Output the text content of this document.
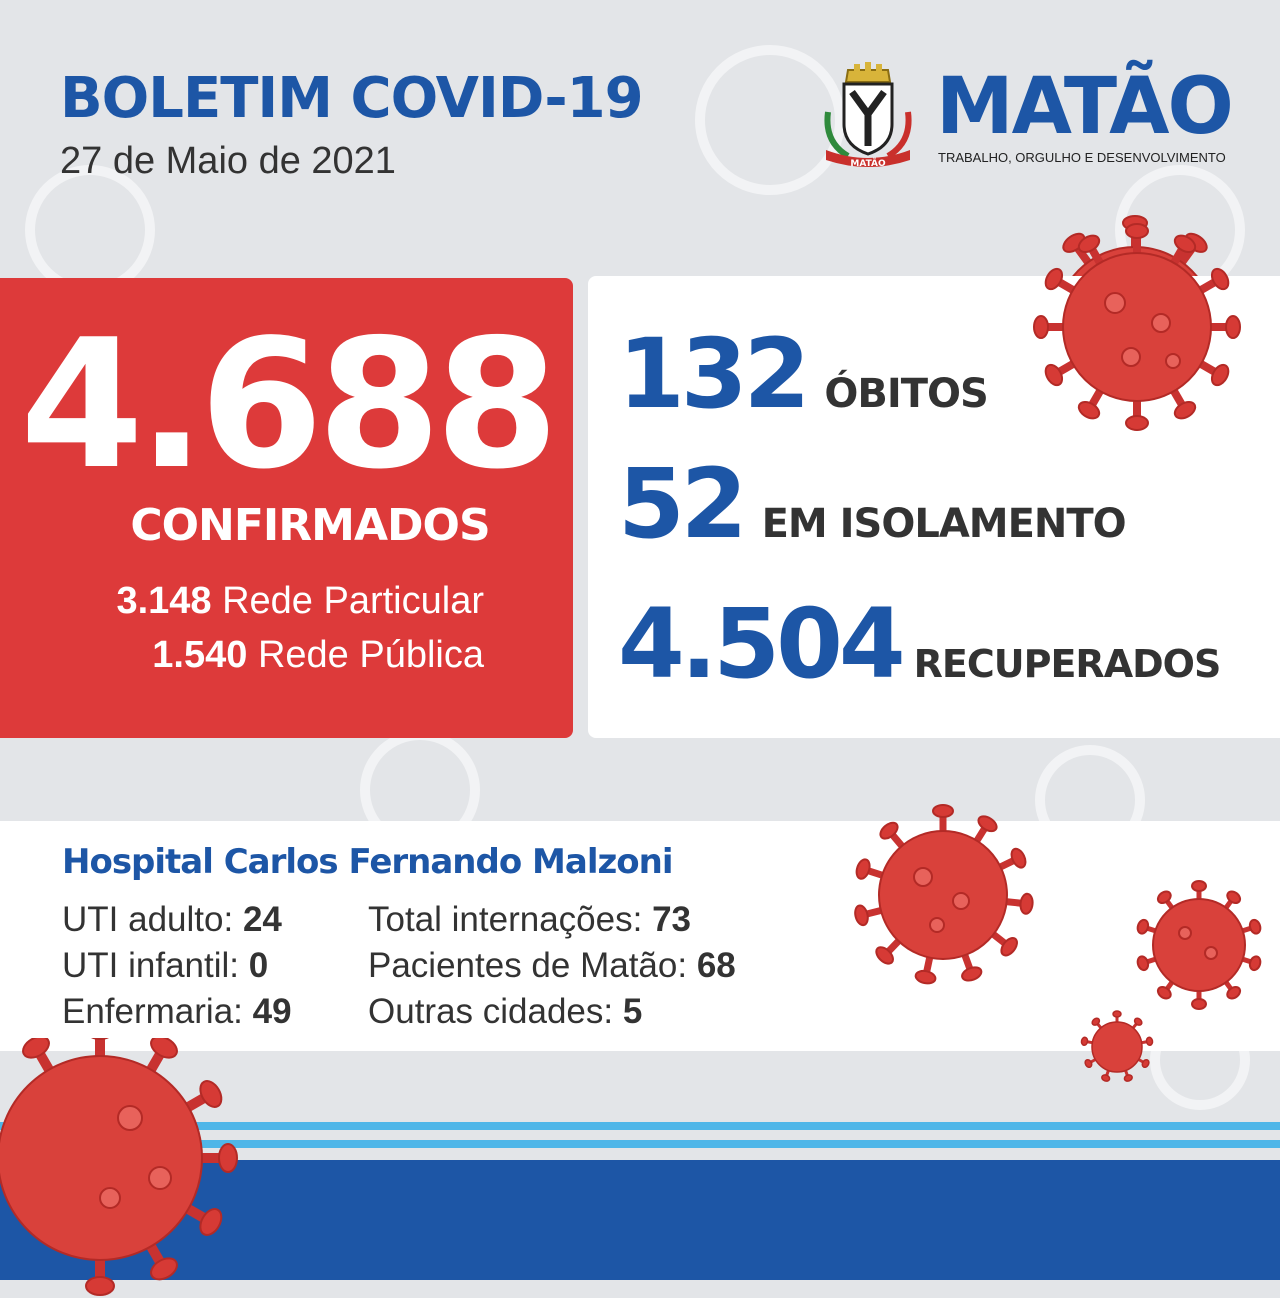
BOLETIM COVID-19
27 de Maio de 2021	MATÃO
MATÃO
TRABALHO, ORGULHO E DESENVOLVIMENTO
4.688
CONFIRMADOS
3.148 Rede Particular
1.540 Rede Pública
132 ÓBITOS
52 EM ISOLAMENTO
4.504 RECUPERADOS
Hospital Carlos Fernando Malzoni
UTI adulto: 24
UTI infantil: 0
Enfermaria: 49
Total internações: 73
Pacientes de Matão: 68
Outras cidades: 5
